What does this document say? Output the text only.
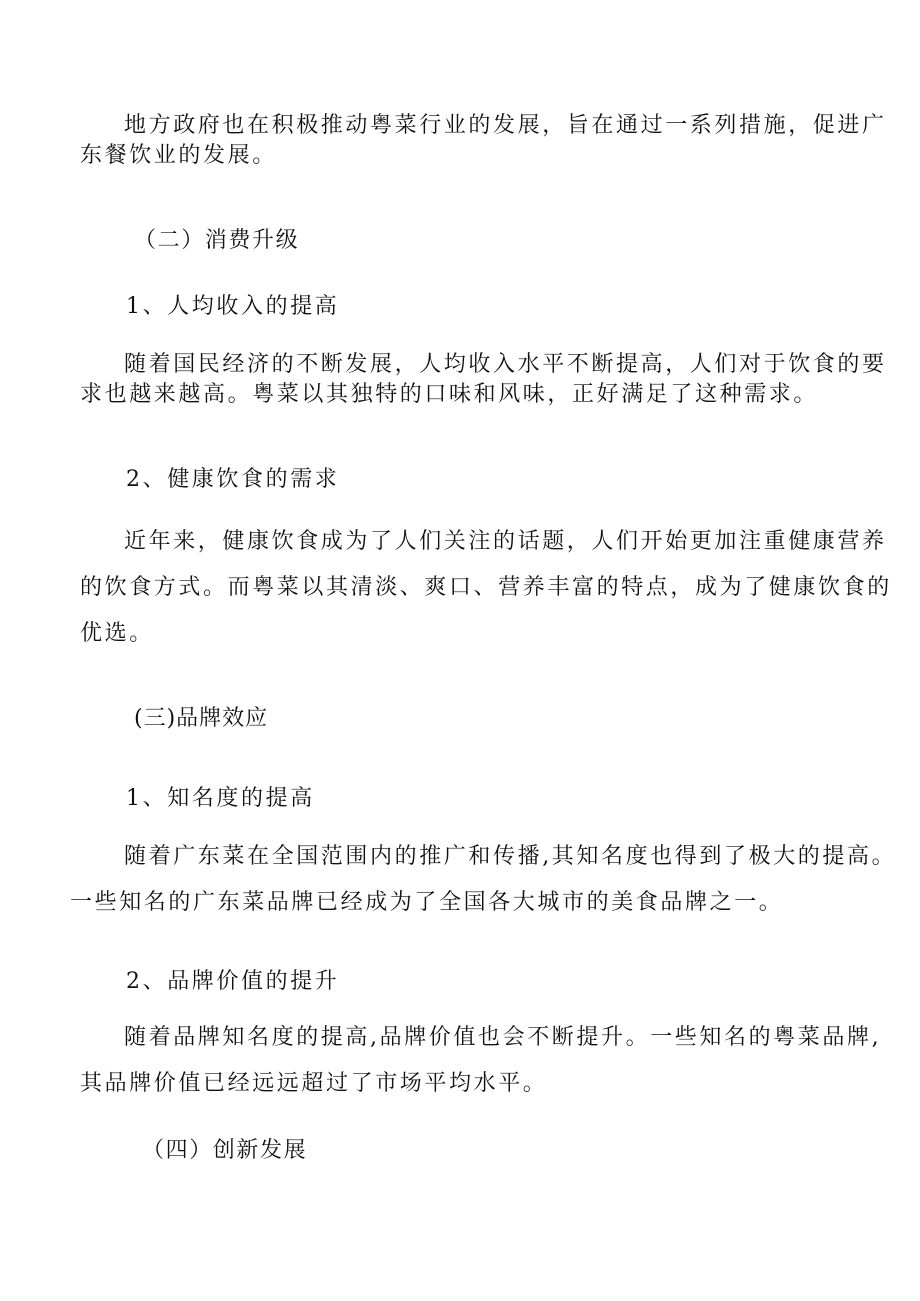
地方政府也在积极推动粤菜行业的发展，旨在通过一系列措施，促进广
东餐饮业的发展。
（二）消费升级
1、人均收入的提高
随着国民经济的不断发展，人均收入水平不断提高，人们对于饮食的要
求也越来越高。粤菜以其独特的口味和风味，正好满足了这种需求。
2、健康饮食的需求
近年来，健康饮食成为了人们关注的话题，人们开始更加注重健康营养
的饮食方式。而粤菜以其清淡、爽口、营养丰富的特点，成为了健康饮食的
优选。
(三)品牌效应
1、知名度的提高
随着广东菜在全国范围内的推广和传播,其知名度也得到了极大的提高。
一些知名的广东菜品牌已经成为了全国各大城市的美食品牌之一。
2、品牌价值的提升
随着品牌知名度的提高,品牌价值也会不断提升。一些知名的粤菜品牌,
其品牌价值已经远远超过了市场平均水平。
（四）创新发展
